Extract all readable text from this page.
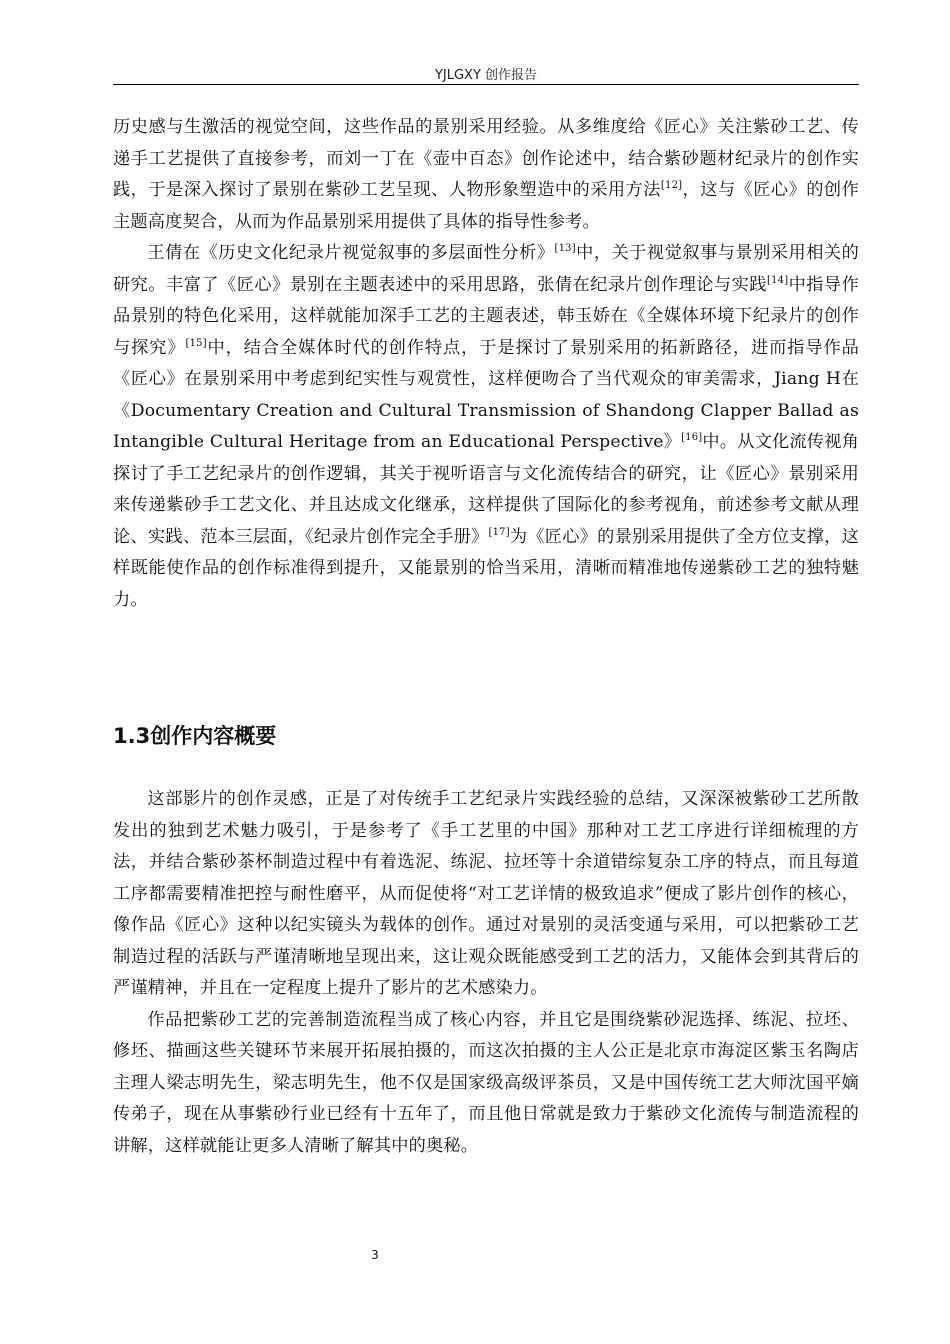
YJLGXY 创作报告

历史感与生激活的视觉空间，这些作品的景别采用经验。从多维度给《匠心》关注紫砂工艺、传递手工艺提供了直接参考，而刘一丁在《壶中百态》创作论述中，结合紫砂题材纪录片的创作实践，于是深入探讨了景别在紫砂工艺呈现、人物形象塑造中的采用方法[12]，这与《匠心》的创作主题高度契合，从而为作品景别采用提供了具体的指导性参考。

王倩在《历史文化纪录片视觉叙事的多层面性分析》[13]中，关于视觉叙事与景别采用相关的研究。丰富了《匠心》景别在主题表述中的采用思路，张倩在纪录片创作理论与实践[14]中指导作品景别的特色化采用，这样就能加深手工艺的主题表述，韩玉娇在《全媒体环境下纪录片的创作与探究》[15]中，结合全媒体时代的创作特点，于是探讨了景别采用的拓新路径，进而指导作品《匠心》在景别采用中考虑到纪实性与观赏性，这样便吻合了当代观众的审美需求，Jiang H在《Documentary Creation and Cultural Transmission of Shandong Clapper Ballad as Intangible Cultural Heritage from an Educational Perspective》[16]中。从文化流传视角探讨了手工艺纪录片的创作逻辑，其关于视听语言与文化流传结合的研究，让《匠心》景别采用来传递紫砂手工艺文化、并且达成文化继承，这样提供了国际化的参考视角，前述参考文献从理论、实践、范本三层面，《纪录片创作完全手册》[17]为《匠心》的景别采用提供了全方位支撑，这样既能使作品的创作标准得到提升，又能景别的恰当采用，清晰而精准地传递紫砂工艺的独特魅力。

1.3创作内容概要

这部影片的创作灵感，正是了对传统手工艺纪录片实践经验的总结，又深深被紫砂工艺所散发出的独到艺术魅力吸引，于是参考了《手工艺里的中国》那种对工艺工序进行详细梳理的方法，并结合紫砂茶杯制造过程中有着选泥、练泥、拉坯等十余道错综复杂工序的特点，而且每道工序都需要精准把控与耐性磨平，从而促使将“对工艺详情的极致追求”便成了影片创作的核心，像作品《匠心》这种以纪实镜头为载体的创作。通过对景别的灵活变通与采用，可以把紫砂工艺制造过程的活跃与严谨清晰地呈现出来，这让观众既能感受到工艺的活力，又能体会到其背后的严谨精神，并且在一定程度上提升了影片的艺术感染力。

作品把紫砂工艺的完善制造流程当成了核心内容，并且它是围绕紫砂泥选择、练泥、拉坯、修坯、描画这些关键环节来展开拓展拍摄的，而这次拍摄的主人公正是北京市海淀区紫玉名陶店主理人梁志明先生，梁志明先生，他不仅是国家级高级评茶员，又是中国传统工艺大师沈国平嫡传弟子，现在从事紫砂行业已经有十五年了，而且他日常就是致力于紫砂文化流传与制造流程的讲解，这样就能让更多人清晰了解其中的奥秘。

3
